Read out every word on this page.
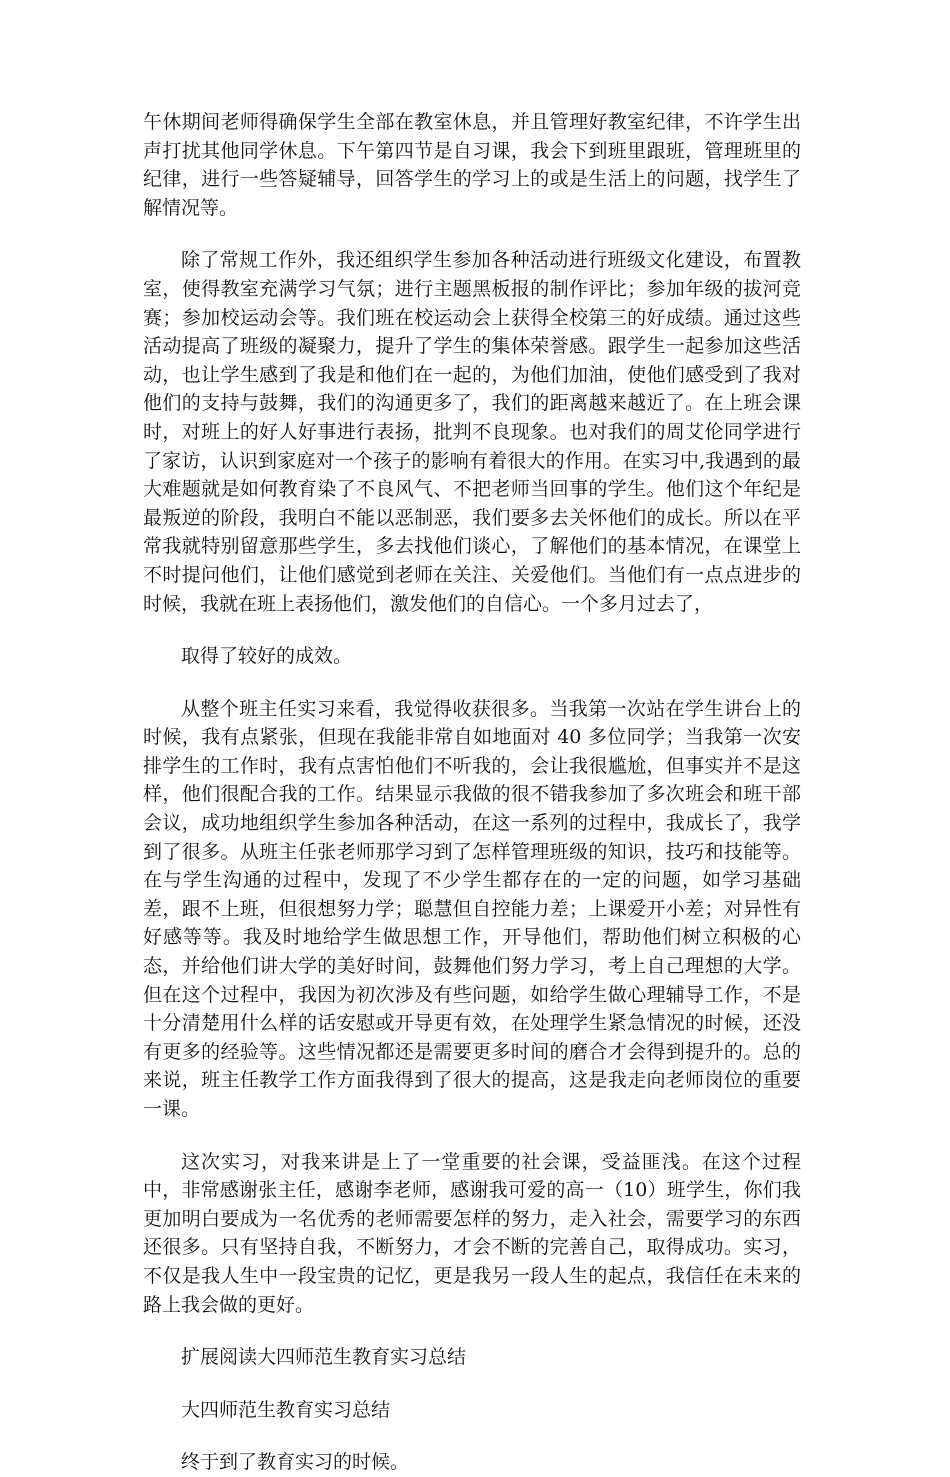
午休期间老师得确保学生全部在教室休息，并且管理好教室纪律，不许学生出声打扰其他同学休息。下午第四节是自习课，我会下到班里跟班，管理班里的纪律，进行一些答疑辅导，回答学生的学习上的或是生活上的问题，找学生了解情况等。

除了常规工作外，我还组织学生参加各种活动进行班级文化建设，布置教室，使得教室充满学习气氛；进行主题黑板报的制作评比；参加年级的拔河竞赛；参加校运动会等。我们班在校运动会上获得全校第三的好成绩。通过这些活动提高了班级的凝聚力，提升了学生的集体荣誉感。跟学生一起参加这些活动，也让学生感到了我是和他们在一起的，为他们加油，使他们感受到了我对他们的支持与鼓舞，我们的沟通更多了，我们的距离越来越近了。在上班会课时，对班上的好人好事进行表扬，批判不良现象。也对我们的周艾伦同学进行了家访，认识到家庭对一个孩子的影响有着很大的作用。在实习中,我遇到的最大难题就是如何教育染了不良风气、不把老师当回事的学生。他们这个年纪是最叛逆的阶段，我明白不能以恶制恶，我们要多去关怀他们的成长。所以在平常我就特别留意那些学生，多去找他们谈心，了解他们的基本情况，在课堂上不时提问他们，让他们感觉到老师在关注、关爱他们。当他们有一点点进步的时候，我就在班上表扬他们，激发他们的自信心。一个多月过去了，

取得了较好的成效。

从整个班主任实习来看，我觉得收获很多。当我第一次站在学生讲台上的时候，我有点紧张，但现在我能非常自如地面对 40 多位同学；当我第一次安排学生的工作时，我有点害怕他们不听我的，会让我很尴尬，但事实并不是这样，他们很配合我的工作。结果显示我做的很不错我参加了多次班会和班干部会议，成功地组织学生参加各种活动，在这一系列的过程中，我成长了，我学到了很多。从班主任张老师那学习到了怎样管理班级的知识，技巧和技能等。在与学生沟通的过程中，发现了不少学生都存在的一定的问题，如学习基础差，跟不上班，但很想努力学；聪慧但自控能力差；上课爱开小差；对异性有好感等等。我及时地给学生做思想工作，开导他们，帮助他们树立积极的心态，并给他们讲大学的美好时间，鼓舞他们努力学习，考上自己理想的大学。但在这个过程中，我因为初次涉及有些问题，如给学生做心理辅导工作，不是十分清楚用什么样的话安慰或开导更有效，在处理学生紧急情况的时候，还没有更多的经验等。这些情况都还是需要更多时间的磨合才会得到提升的。总的来说，班主任教学工作方面我得到了很大的提高，这是我走向老师岗位的重要一课。

这次实习，对我来讲是上了一堂重要的社会课，受益匪浅。在这个过程中，非常感谢张主任，感谢李老师，感谢我可爱的高一（10）班学生，你们我更加明白要成为一名优秀的老师需要怎样的努力，走入社会，需要学习的东西还很多。只有坚持自我，不断努力，才会不断的完善自己，取得成功。实习，不仅是我人生中一段宝贵的记忆，更是我另一段人生的起点，我信任在未来的路上我会做的更好。

扩展阅读大四师范生教育实习总结

大四师范生教育实习总结

终于到了教育实习的时候。
